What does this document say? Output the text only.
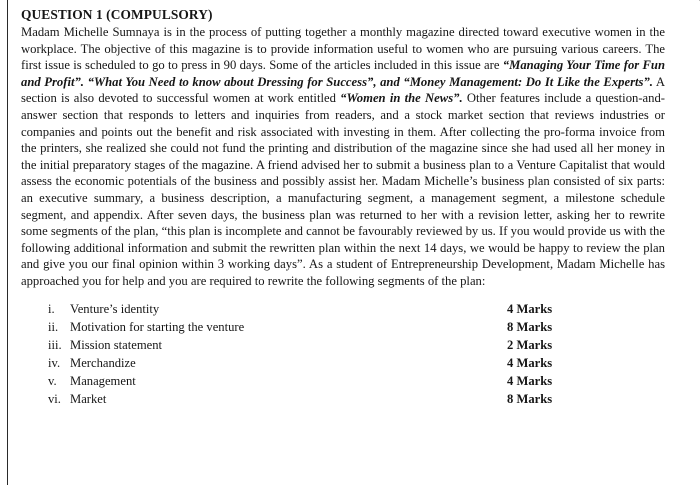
QUESTION 1 (COMPULSORY)

Madam Michelle Sumnaya is in the process of putting together a monthly magazine directed toward executive women in the workplace. The objective of this magazine is to provide information useful to women who are pursuing various careers. The first issue is scheduled to go to press in 90 days. Some of the articles included in this issue are “Managing Your Time for Fun and Profit”. “What You Need to know about Dressing for Success”, and “Money Management: Do It Like the Experts”. A section is also devoted to successful women at work entitled “Women in the News”. Other features include a question-and-answer section that responds to letters and inquiries from readers, and a stock market section that reviews industries or companies and points out the benefit and risk associated with investing in them. After collecting the pro-forma invoice from the printers, she realized she could not fund the printing and distribution of the magazine since she had used all her money in the initial preparatory stages of the magazine. A friend advised her to submit a business plan to a Venture Capitalist that would assess the economic potentials of the business and possibly assist her. Madam Michelle’s business plan consisted of six parts: an executive summary, a business description, a manufacturing segment, a management segment, a milestone schedule segment, and appendix. After seven days, the business plan was returned to her with a revision letter, asking her to rewrite some segments of the plan, “this plan is incomplete and cannot be favourably reviewed by us. If you would provide us with the following additional information and submit the rewritten plan within the next 14 days, we would be happy to review the plan and give you our final opinion within 3 working days”. As a student of Entrepreneurship Development, Madam Michelle has approached you for help and you are required to rewrite the following segments of the plan:

i.	Venture’s identity	4 Marks
ii. Motivation for starting the venture	8 Marks
iii. Mission statement	2 Marks
iv. Merchandize	4 Marks
v.	Management	4 Marks
vi. Market	8 Marks
